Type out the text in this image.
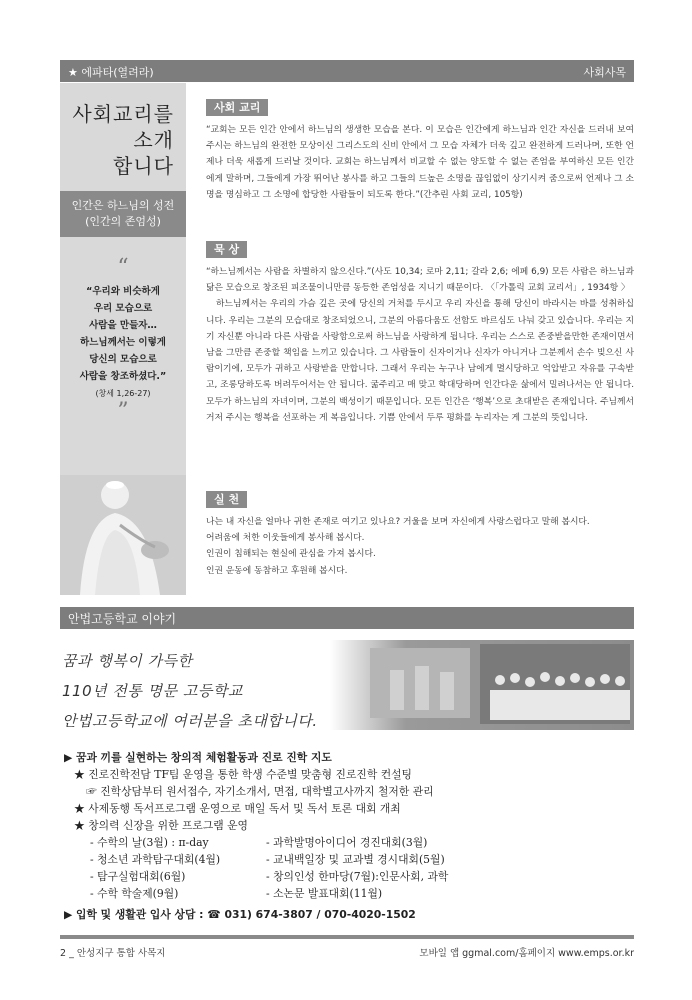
★ 에파타(열려라)	사회사목
사회교리를
소개
합니다
인간은 하느님의 성전
(인간의 존엄성)
“
“우리와 비슷하게
우리 모습으로
사람을 만들자…
하느님께서는 이렇게
당신의 모습으로
사람을 창조하셨다.”
(창세 1,26-27)
”
사회 교리

“교회는 모든 인간 안에서 하느님의 생생한 모습을 본다. 이 모습은 인간에게 하느님과 인간 자신을 드러내 보여 주시는 하느님의 완전한 모상이신 그리스도의 신비 안에서 그 모습 자체가 더욱 깊고 완전하게 드러나며, 또한 언제나 더욱 새롭게 드러날 것이다. 교회는 하느님께서 비교할 수 없는 양도할 수 없는 존엄을 부여하신 모든 인간에게 말하며, 그들에게 가장 뛰어난 봉사를 하고 그들의 드높은 소명을 끊임없이 상기시켜 줌으로써 언제나 그 소명을 명심하고 그 소명에 합당한 사람들이 되도록 한다.”(간추린 사회 교리, 105항)

묵 상

“하느님께서는 사람을 차별하지 않으신다.”(사도 10,34; 로마 2,11; 갈라 2,6; 에페 6,9) 모든 사람은 하느님과 닮은 모습으로 창조된 피조물이니만큼 동등한 존엄성을 지니기 때문이다. 〈「가톨릭 교회 교리서」, 1934항 〉

하느님께서는 우리의 가슴 깊은 곳에 당신의 거처를 두시고 우리 자신을 통해 당신이 바라시는 바를 성취하십니다. 우리는 그분의 모습대로 창조되었으니, 그분의 아름다움도 선함도 바르심도 나눠 갖고 있습니다. 우리는 지기 자신뿐 아니라 다른 사람을 사랑함으로써 하느님을 사랑하게 됩니다. 우리는 스스로 존중받을만한 존재이면서 남을 그만큼 존중할 책임을 느끼고 있습니다. 그 사람들이 신자이거나 신자가 아니거나 그분께서 손수 빚으신 사람이기에, 모두가 귀하고 사랑받을 만합니다. 그래서 우리는 누구나 남에게 멸시당하고 억압받고 자유를 구속받고, 조롱당하도록 버려두어서는 안 됩니다. 굶주리고 매 맞고 학대당하며 인간다운 삶에서 밀려나서는 안 됩니다. 모두가 하느님의 자녀이며, 그분의 백성이기 때문입니다. 모든 인간은 ‘행복’으로 초대받은 존재입니다. 주님께서 거저 주시는 행복을 선포하는 게 복음입니다. 기쁨 안에서 두루 평화를 누리자는 게 그분의 뜻입니다.

실 천

나는 내 자신을 얼마나 귀한 존재로 여기고 있나요? 거울을 보며 자신에게 사랑스럽다고 말해 봅시다.

어려움에 처한 이웃들에게 봉사해 봅시다.

인권이 침해되는 현실에 관심을 가져 봅시다.

인권 운동에 동참하고 후원해 봅시다.

안법고등학교 이야기
꿈과 행복이 가득한
110년 전통 명문 고등학교
안법고등학교에 여러분을 초대합니다.
▶ 꿈과 끼를 실현하는 창의적 체험활동과 진로 진학 지도
★ 진로진학전담 TF팀 운영을 통한 학생 수준별 맞춤형 진로진학 컨설팅
☞ 진학상담부터 원서접수, 자기소개서, 면접, 대학별고사까지 철저한 관리
★ 사제동행 독서프로그램 운영으로 매일 독서 및 독서 토론 대회 개최
★ 창의력 신장을 위한 프로그램 운영
- 수학의 날(3월) : π-day
- 청소년 과학탐구대회(4월)
- 탐구실험대회(6월)
- 수학 학술제(9월)
- 과학발명아이디어 경진대회(3월)
- 교내백일장 및 교과별 경시대회(5월)
- 창의인성 한마당(7월):인문사회, 과학
- 소논문 발표대회(11월)
▶ 입학 및 생활관 입사 상담 : ☎ 031) 674-3807 / 070-4020-1502
2 _ 안성지구 통합 사목지	모바일 앱 ggmal.com/홈페이지 www.emps.or.kr
